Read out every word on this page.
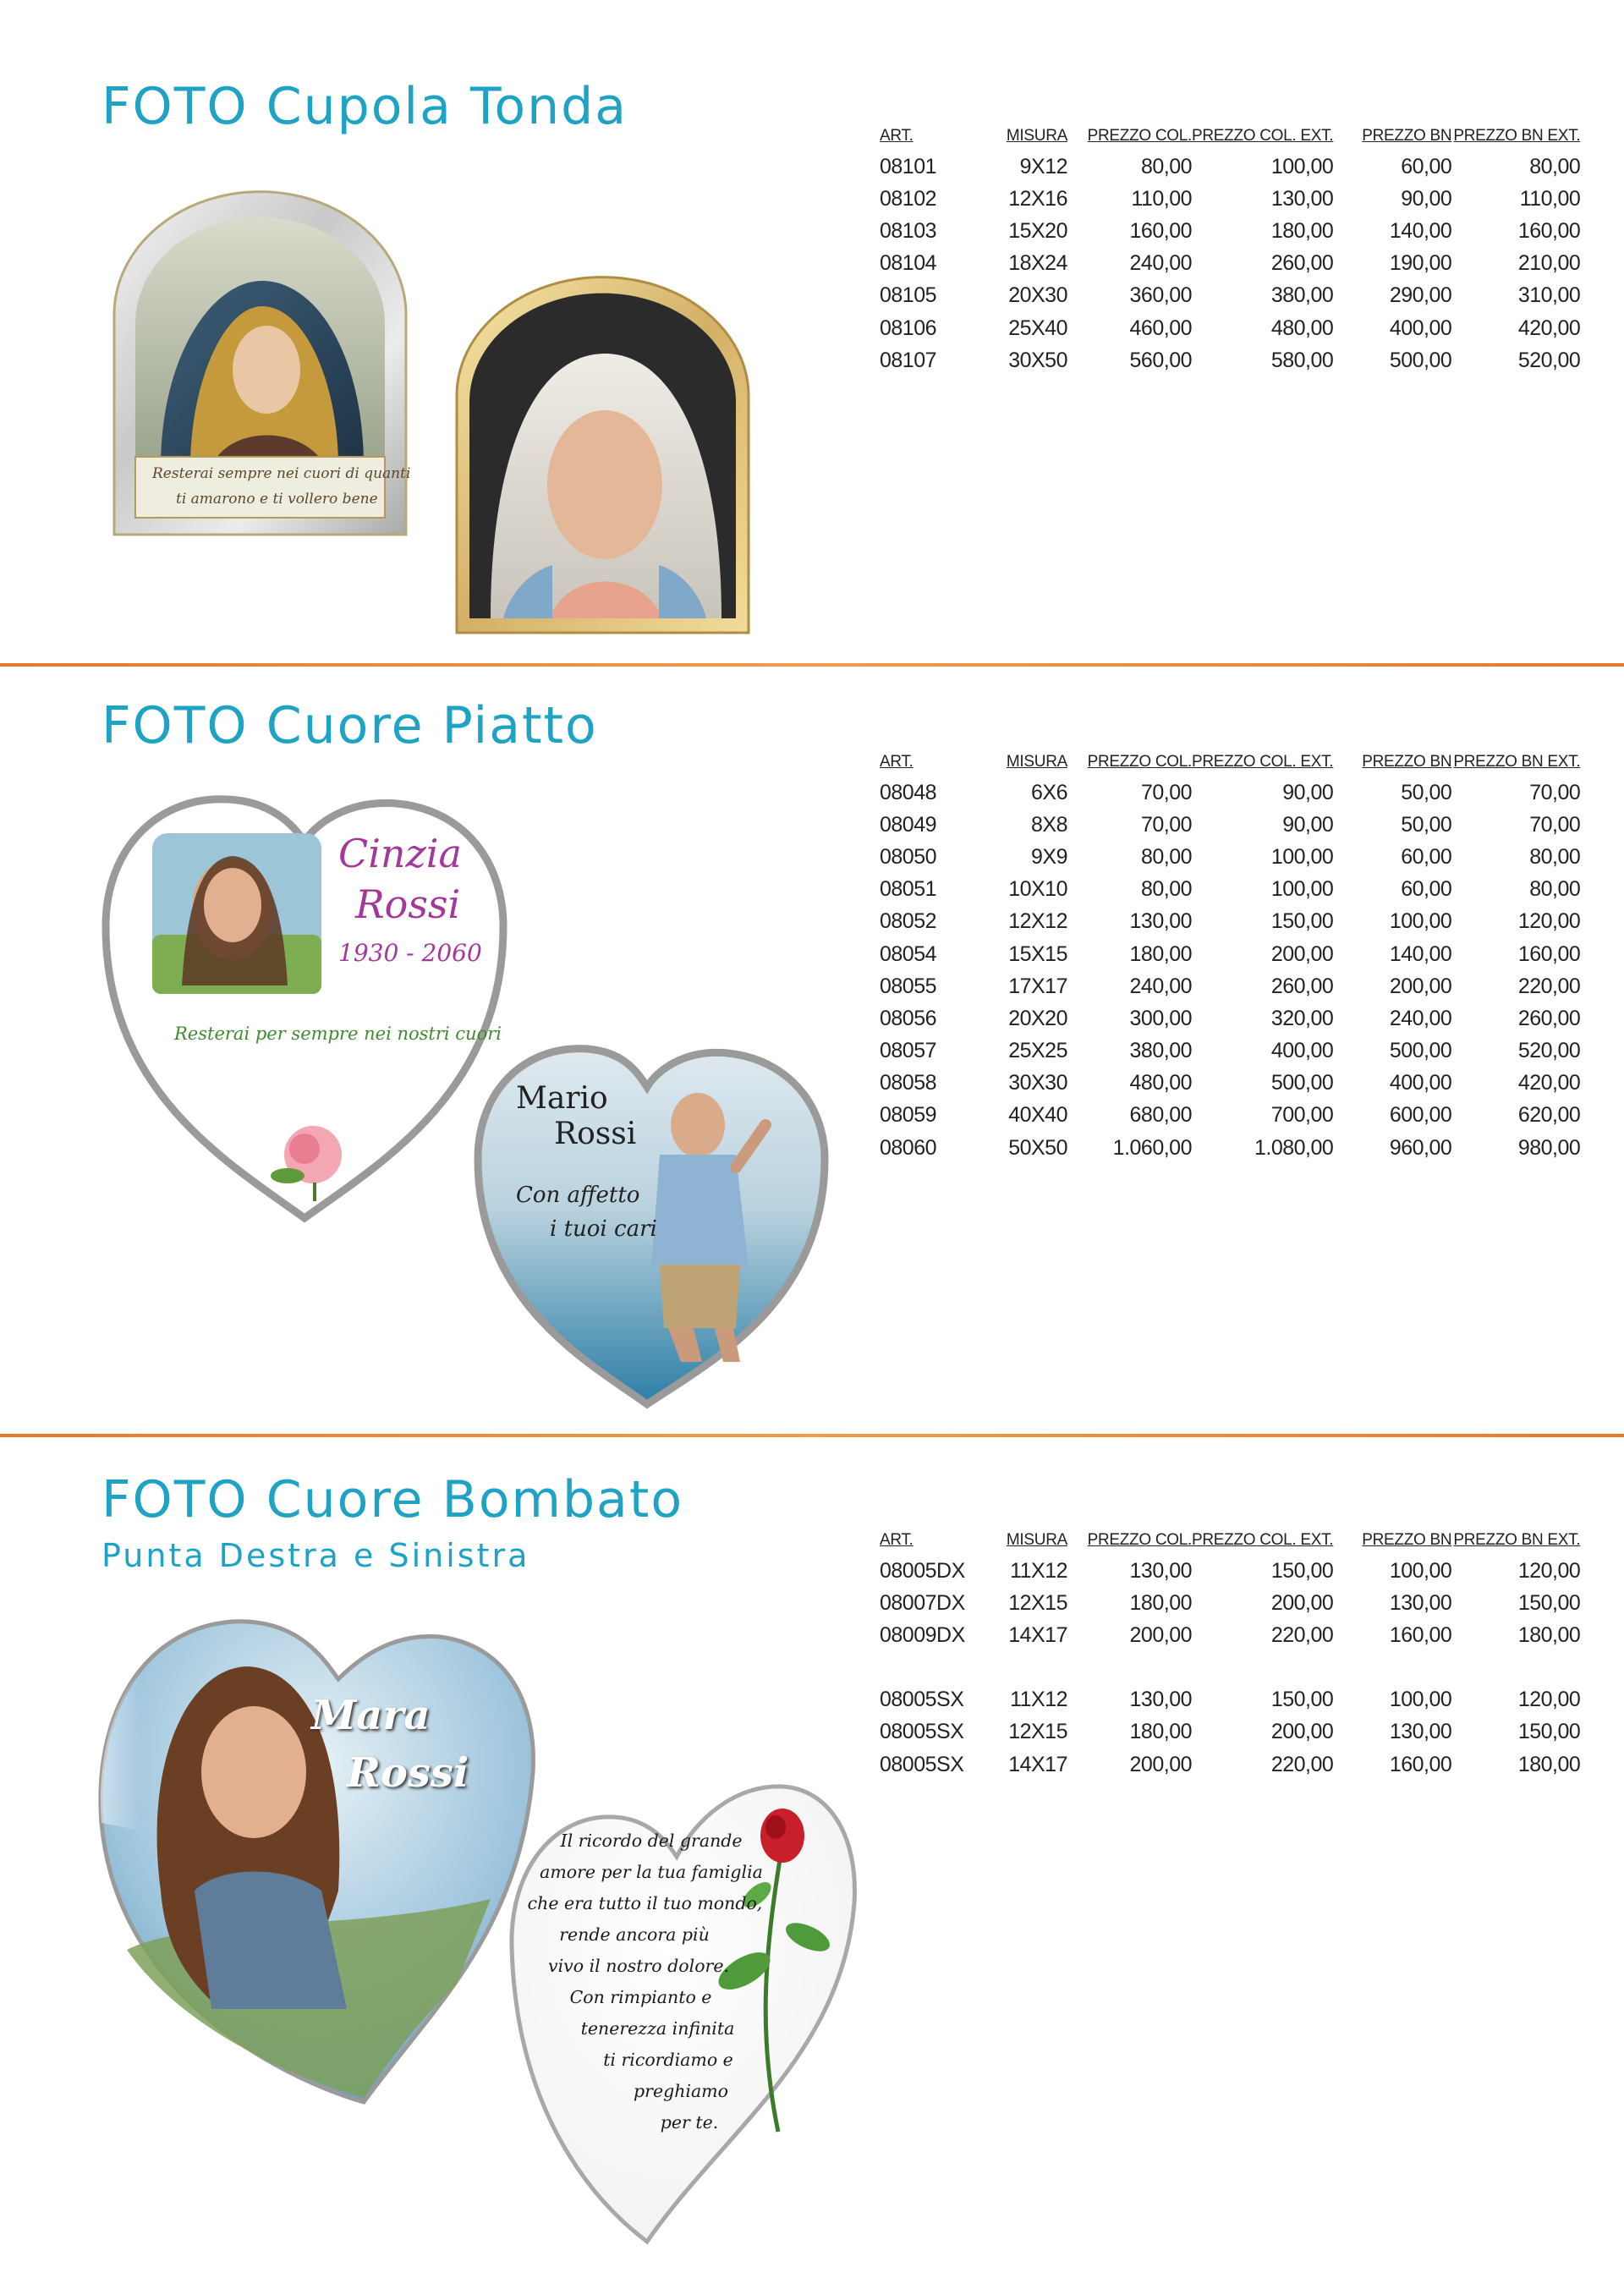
FOTO Cupola Tonda	ART.	MISURA	PREZZO COL.	PREZZO COL. EXT.	PREZZO BN	PREZZO BN EXT.
08101	9X12	80,00	100,00	60,00	80,00
08102	12X16	110,00	130,00	90,00	110,00
08103	15X20	160,00	180,00	140,00	160,00
08104	18X24	240,00	260,00	190,00	210,00
08105	20X30	360,00	380,00	290,00	310,00
08106	25X40	460,00	480,00	400,00	420,00
08107	30X50	560,00	580,00	500,00	520,00

Resterai sempre nei cuori di quanti

ti amarono e ti vollero bene

FOTO Cuore Piatto
ART.	MISURA	PREZZO COL.	PREZZO COL. EXT.	PREZZO BN	PREZZO BN EXT.
08048	6X6	70,00	90,00	50,00	70,00
08049	8X8	70,00	90,00	50,00	70,00
08050	9X9	80,00	100,00	60,00	80,00
08051	10X10	80,00	100,00	60,00	80,00
08052	12X12	130,00	150,00	100,00	120,00
08054	15X15	180,00	200,00	140,00	160,00
08055	17X17	240,00	260,00	200,00	220,00
08056	20X20	300,00	320,00	240,00	260,00
08057	25X25	380,00	400,00	500,00	520,00
08058	30X30	480,00	500,00	400,00	420,00
08059	40X40	680,00	700,00	600,00	620,00
08060	50X50	1.060,00	1.080,00	960,00	980,00

Cinzia

Rossi

1930 - 2060

Resterai per sempre nei nostri cuori

Mario

Rossi

Con affetto

i tuoi cari

FOTO Cuore Bombato
Punta Destra e Sinistra	ART.	MISURA	PREZZO COL.	PREZZO COL. EXT.	PREZZO BN	PREZZO BN EXT.
08005DX	11X12	130,00	150,00	100,00	120,00
08007DX	12X15	180,00	200,00	130,00	150,00
08009DX	14X17	200,00	220,00	160,00	180,00

08005SX	11X12	130,00	150,00	100,00	120,00
08005SX	12X15	180,00	200,00	130,00	150,00
08005SX	14X17	200,00	220,00	160,00	180,00

Mara

Rossi

Il ricordo del grande
amore per la tua famiglia
che era tutto il tuo mondo,
rende ancora più
vivo il nostro dolore.
Con rimpianto e
tenerezza infinita
ti ricordiamo e
preghiamo
per te.
